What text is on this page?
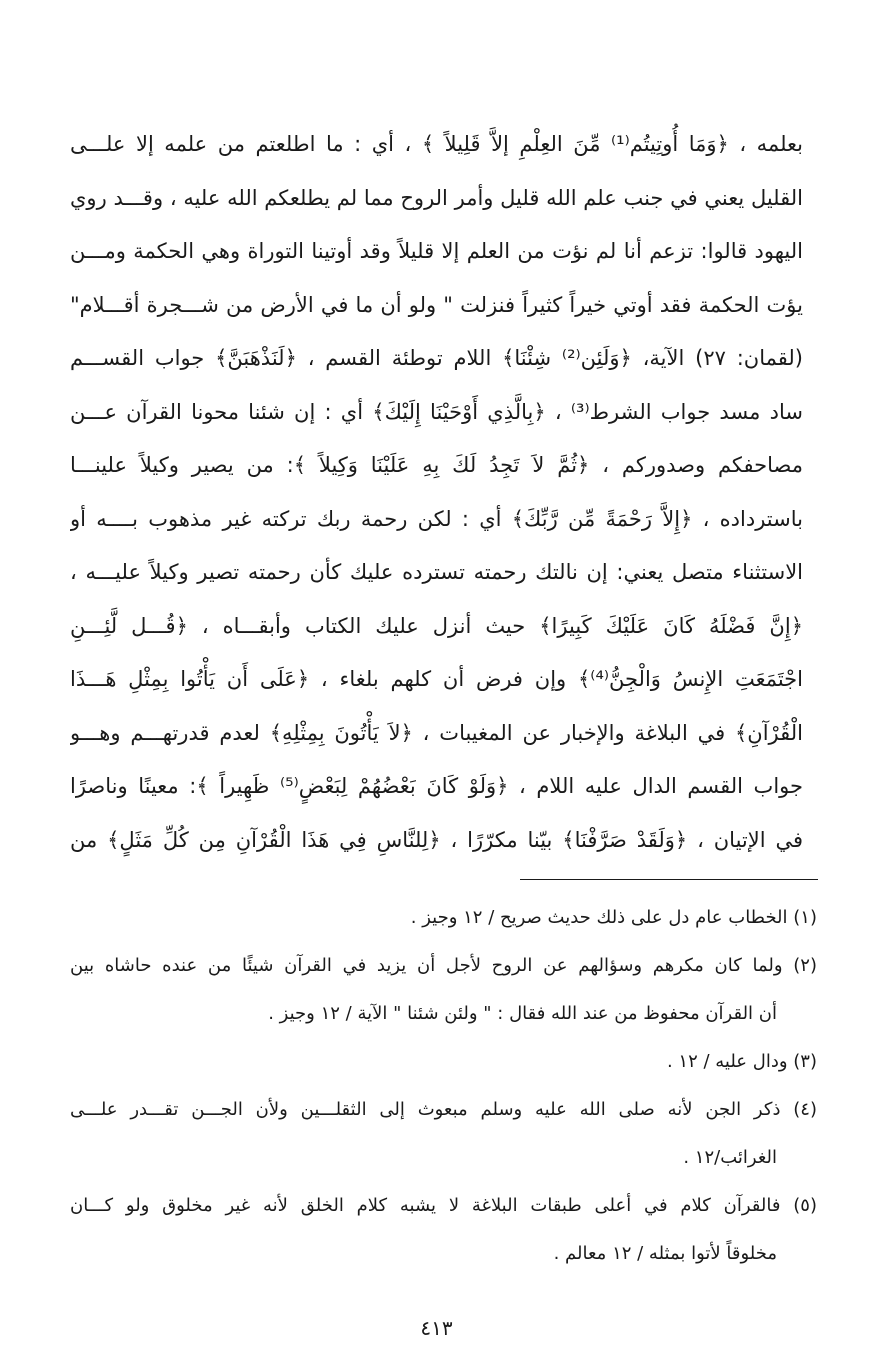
بعلمه ، ﴿وَمَا أُوتِيتُم⁽¹⁾ مِّنَ العِلْمِ إلاَّ قَلِيلاً ﴾ ، أي : ما اطلعتم من علمه إلا علـــى
القليل يعني في جنب علم الله قليل وأمر الروح مما لم يطلعكم الله عليه ، وقـــد روي
اليهود قالوا: تزعم أنا لم نؤت من العلم إلا قليلاً وقد أوتينا التوراة وهي الحكمة ومـــن
يؤت الحكمة فقد أوتي خيراً كثيراً فنزلت " ولو أن ما في الأرض من شـــجرة أقـــلام"
(لقمان: ٢٧) الآية، ﴿وَلَئِن⁽²⁾ شِئْنَا﴾ اللام توطئة القسم ، ﴿لَنَذْهَبَنَّ﴾ جواب القســـم
ساد مسد جواب الشرط⁽³⁾ ، ﴿بِالَّذِي أَوْحَيْنَا إِلَيْكَ﴾ أي : إن شئنا محونا القرآن عـــن
مصاحفكم وصدوركم ، ﴿ثُمَّ لاَ تَجِدُ لَكَ بِهِ عَلَيْنَا وَكِيلاً ﴾: من يصير وكيلاً علينـــا
باسترداده ، ﴿إِلاَّ رَحْمَةً مِّن رَّبِّكَ﴾ أي : لكن رحمة ربك تركته غير مذهوب بــــه أو
الاستثناء متصل يعني: إن نالتك رحمته تسترده عليك كأن رحمته تصير وكيلاً عليـــه ،
﴿إِنَّ فَضْلَهُ كَانَ عَلَيْكَ كَبِيرًا﴾ حيث أنزل عليك الكتاب وأبقـــاه ، ﴿قُـــل لَّئِـــنِ
اجْتَمَعَتِ الإِنسُ وَالْجِنُّ⁽⁴⁾﴾ وإن فرض أن كلهم بلغاء ، ﴿عَلَى أَن يَأْتُوا بِمِثْلِ هَـــذَا
الْقُرْآنِ﴾ في البلاغة والإخبار عن المغيبات ، ﴿لاَ يَأْتُونَ بِمِثْلِهِ﴾ لعدم قدرتهـــم وهـــو
جواب القسم الدال عليه اللام ، ﴿وَلَوْ كَانَ بَعْضُهُمْ لِبَعْضٍ⁽⁵⁾ ظَهِيراً ﴾: معينًا وناصرًا
في الإتيان ، ﴿وَلَقَدْ صَرَّفْنَا﴾ بيّنا مكرّرًا ، ﴿لِلنَّاسِ فِي هَذَا الْقُرْآنِ مِن كُلِّ مَثَلٍ﴾ من
(١) الخطاب عام دل على ذلك حديث صريح / ١٢ وجيز .
(٢) ولما كان مكرهم وسؤالهم عن الروح لأجل أن يزيد في القرآن شيئًا من عنده حاشاه بين
أن القرآن محفوظ من عند الله فقال : " ولئن شئنا " الآية / ١٢ وجيز .
(٣) ودال عليه / ١٢ .
(٤) ذكر الجن لأنه صلى الله عليه وسلم مبعوث إلى الثقلـــين ولأن الجـــن تقـــدر علـــى
الغرائب/١٢ .
(٥) فالقرآن كلام في أعلى طبقات البلاغة لا يشبه كلام الخلق لأنه غير مخلوق ولو كـــان
مخلوقاً لأتوا بمثله / ١٢ معالم .
٤١٣
